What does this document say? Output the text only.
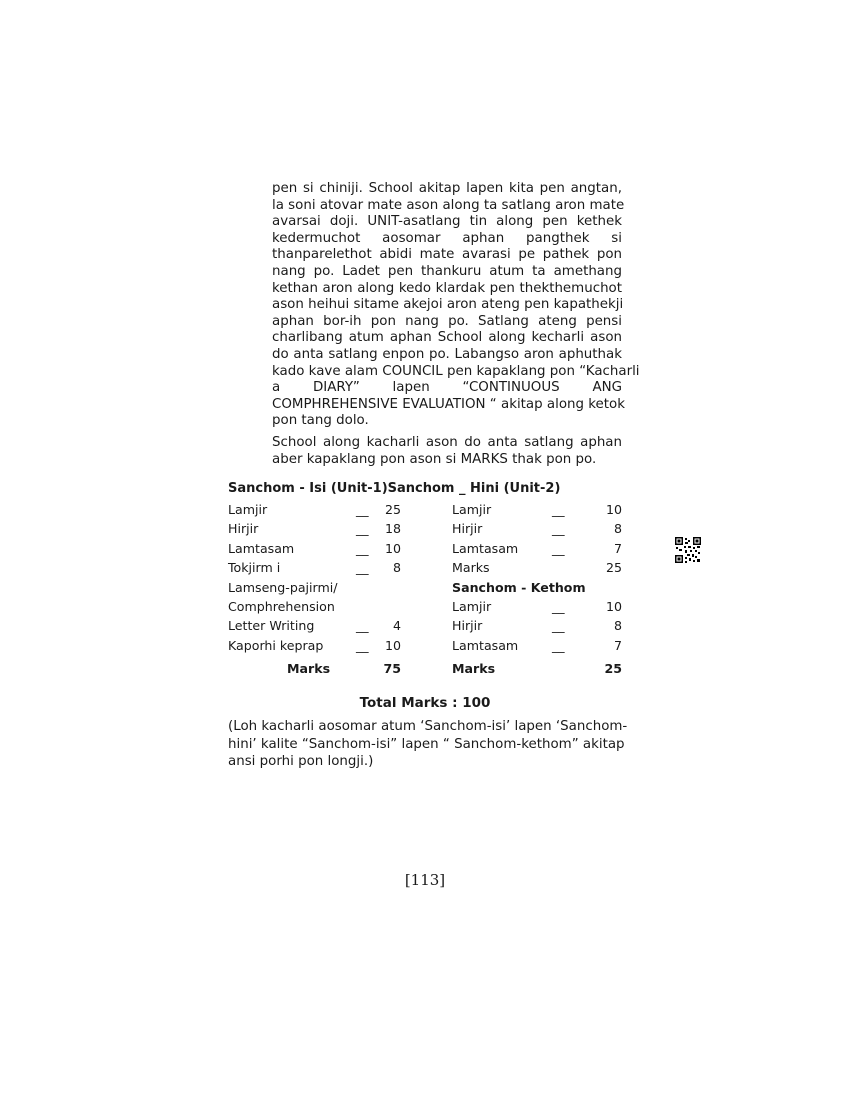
pen si chiniji. School akitap lapen kita pen angtan,
la soni atovar mate ason along ta satlang aron mate
avarsai doji. UNIT-asatlang tin along pen kethek
kedermuchot aosomar aphan pangthek si
thanparelethot abidi mate avarasi pe pathek pon
nang po. Ladet pen thankuru atum ta amethang
kethan aron along kedo klardak pen thekthemuchot
ason heihui sitame akejoi aron ateng pen kapathekji
aphan bor-ih pon nang po. Satlang ateng pensi
charlibang atum aphan School along kecharli ason
do anta satlang enpon po. Labangso aron aphuthak
kado kave alam COUNCIL pen kapaklang pon “Kacharli
a DIARY” lapen “CONTINUOUS ANG
COMPHREHENSIVE EVALUATION “ akitap along ketok
pon tang dolo.
School along kacharli ason do anta satlang aphan
aber kapaklang pon ason si MARKS thak pon po.
Sanchom - Isi (Unit-1)Sanchom _ Hini (Unit-2)
Lamjir	__	25
Hirjir	__	18
Lamtasam	__	10
Tokjirm i	__	8
Lamseng-pajirmi/
Comphrehension
Letter Writing	__	4
Kaporhi keprap	__	10
Marks	75
Lamjir	__	10
Hirjir	__	8
Lamtasam	__	7
Marks	25
Sanchom - Kethom
Lamjir	__	10
Hirjir	__	8
Lamtasam	__	7
Marks	25
Total Marks : 100
(Loh kacharli aosomar atum ‘Sanchom-isi’ lapen ‘Sanchom-
hini’ kalite “Sanchom-isi” lapen “ Sanchom-kethom” akitap
ansi porhi pon longji.)
[113]
